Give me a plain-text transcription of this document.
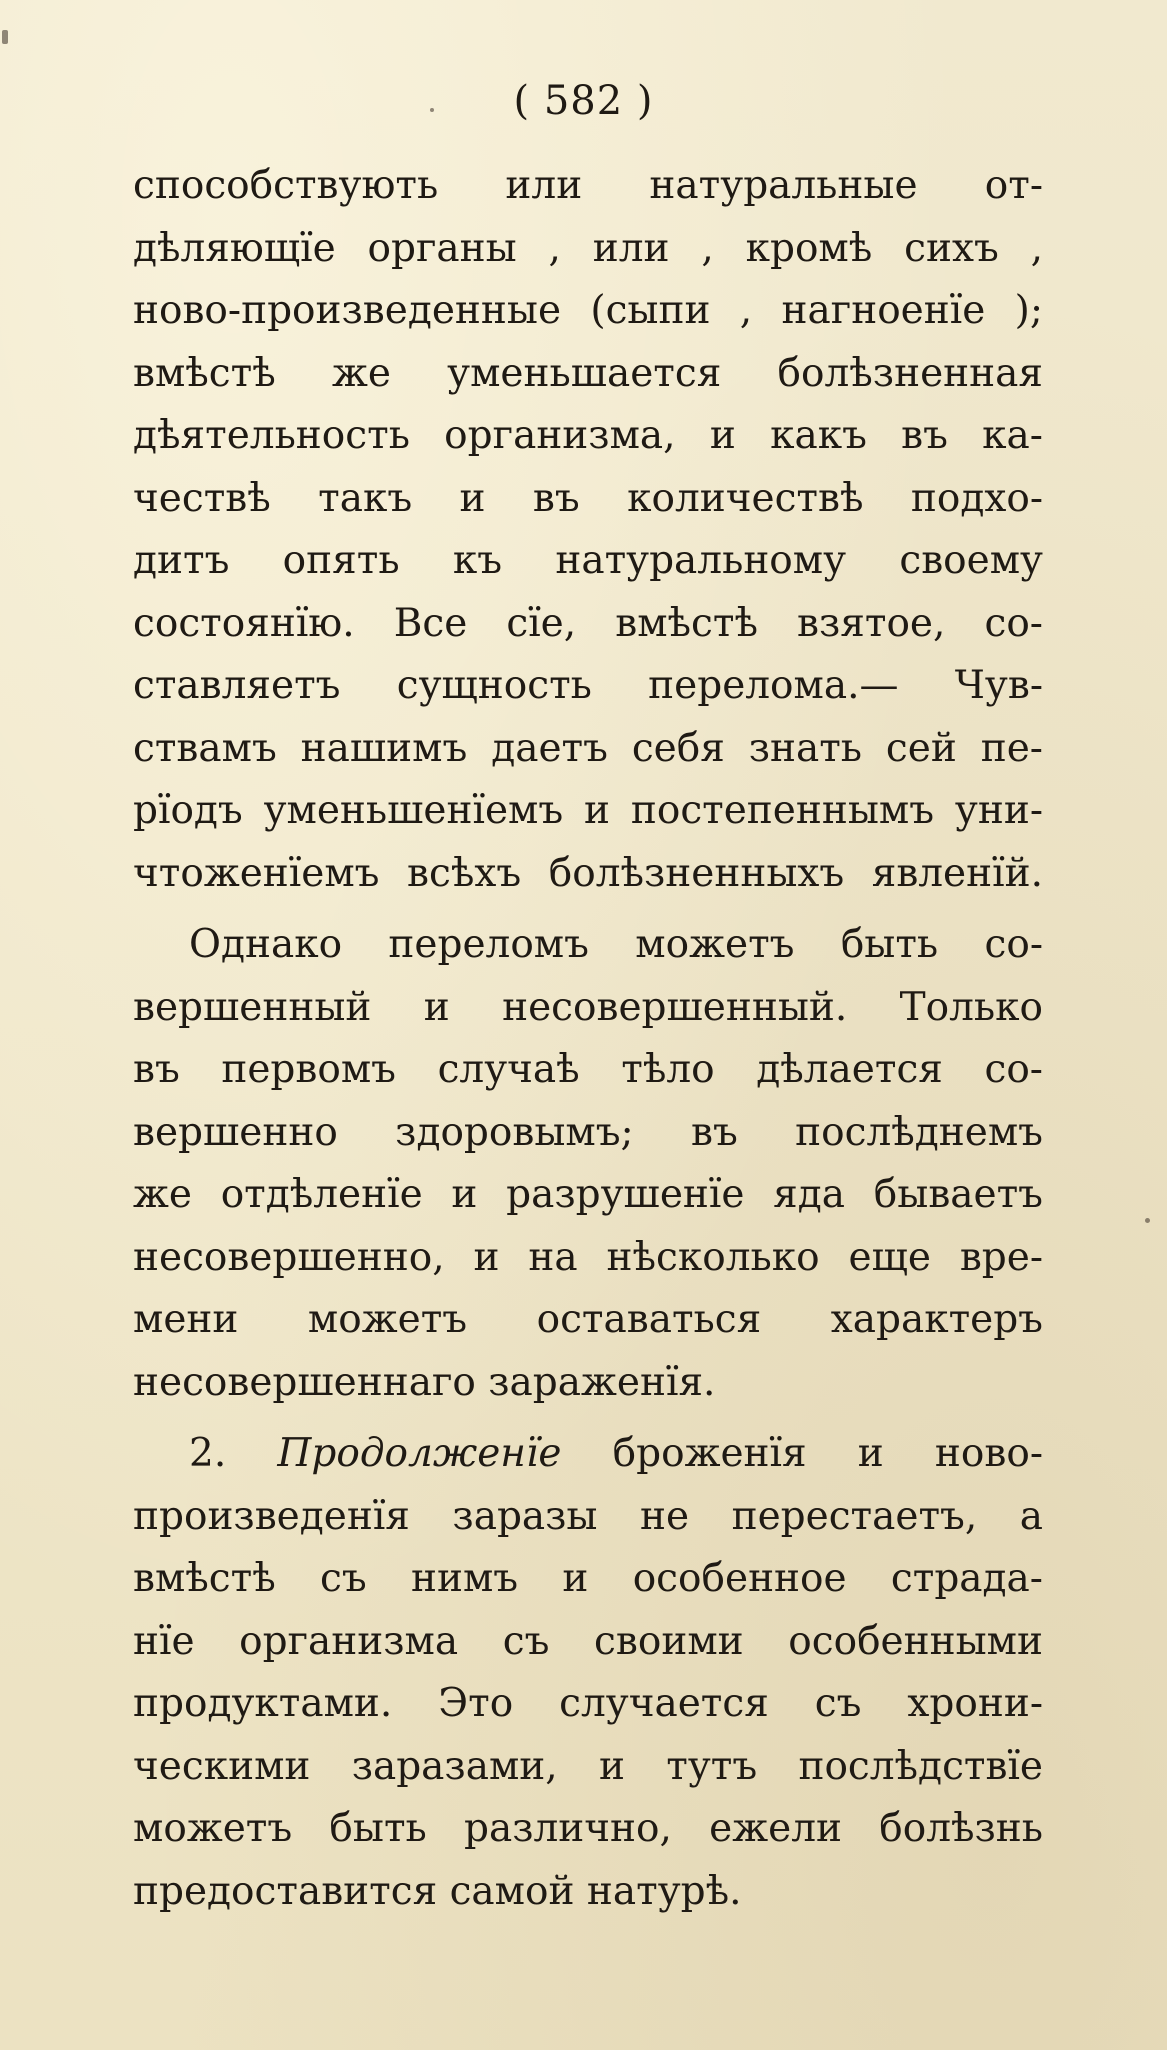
( 582 )
способствують или натуральные от-
дѣляющїе органы , или , кромѣ сихъ ,
ново-произведенные (сыпи , нагноенїе );
вмѣстѣ же уменьшается болѣзненная
дѣятельность организма, и какъ въ ка-
чествѣ такъ и въ количествѣ подхо-
дитъ опять къ натуральному своему
состоянїю. Все сїе, вмѣстѣ взятое, со-
ставляетъ сущность перелома.— Чув-
ствамъ нашимъ даетъ себя знать сей пе-
рїодъ уменьшенїемъ и постепеннымъ уни-
чтоженїемъ всѣхъ болѣзненныхъ явленїй.
Однако переломъ можетъ быть со-
вершенный и несовершенный. Только
въ первомъ случаѣ тѣло дѣлается со-
вершенно здоровымъ; въ послѣднемъ
же отдѣленїе и разрушенїе яда бываетъ
несовершенно, и на нѣсколько еще вре-
мени можетъ оставаться характеръ
несовершеннаго зараженїя.
2. Продолженїе броженїя и ново-
произведенїя заразы не перестаетъ, а
вмѣстѣ съ нимъ и особенное страда-
нїе организма съ своими особенными
продуктами. Это случается съ хрони-
ческими заразами, и тутъ послѣдствїе
можетъ быть различно, ежели болѣзнь
предоставится самой натурѣ.
